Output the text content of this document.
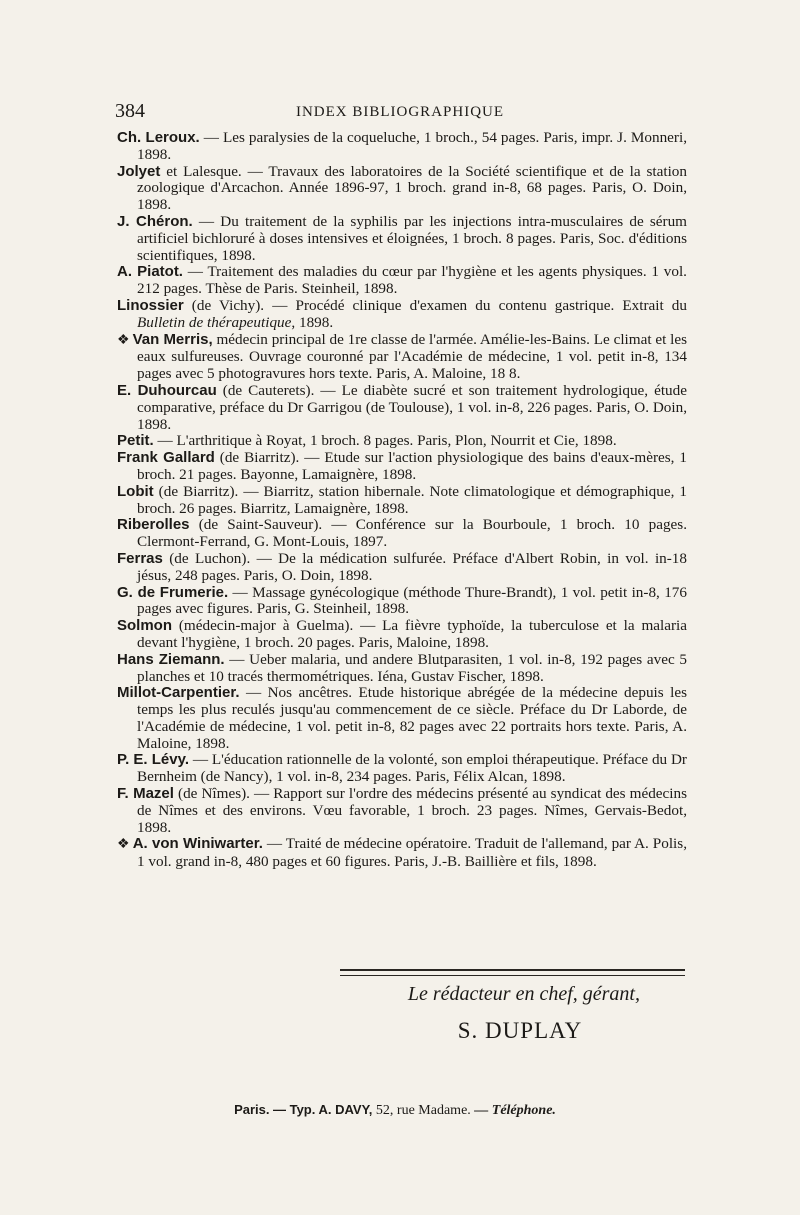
384	INDEX BIBLIOGRAPHIQUE

Ch. Leroux. — Les paralysies de la coqueluche, 1 broch., 54 pages. Paris, impr. J. Monneri, 1898.

Jolyet et Lalesque. — Travaux des laboratoires de la Société scientifique et de la station zoologique d'Arcachon. Année 1896-97, 1 broch. grand in-8, 68 pages. Paris, O. Doin, 1898.

J. Chéron. — Du traitement de la syphilis par les injections intra-musculaires de sérum artificiel bichloruré à doses intensives et éloignées, 1 broch. 8 pages. Paris, Soc. d'éditions scientifiques, 1898.

A. Piatot. — Traitement des maladies du cœur par l'hygiène et les agents physiques. 1 vol. 212 pages. Thèse de Paris. Steinheil, 1898.

Linossier (de Vichy). — Procédé clinique d'examen du contenu gastrique. Extrait du Bulletin de thérapeutique, 1898.

❖ Van Merris, médecin principal de 1re classe de l'armée. Amélie-les-Bains. Le climat et les eaux sulfureuses. Ouvrage couronné par l'Académie de médecine, 1 vol. petit in-8, 134 pages avec 5 photogravures hors texte. Paris, A. Maloine, 18 8.

E. Duhourcau (de Cauterets). — Le diabète sucré et son traitement hydrologique, étude comparative, préface du Dr Garrigou (de Toulouse), 1 vol. in-8, 226 pages. Paris, O. Doin, 1898.

Petit. — L'arthritique à Royat, 1 broch. 8 pages. Paris, Plon, Nourrit et Cie, 1898.

Frank Gallard (de Biarritz). — Etude sur l'action physiologique des bains d'eaux-mères, 1 broch. 21 pages. Bayonne, Lamaignère, 1898.

Lobit (de Biarritz). — Biarritz, station hibernale. Note climatologique et démographique, 1 broch. 26 pages. Biarritz, Lamaignère, 1898.

Riberolles (de Saint-Sauveur). — Conférence sur la Bourboule, 1 broch. 10 pages. Clermont-Ferrand, G. Mont-Louis, 1897.

Ferras (de Luchon). — De la médication sulfurée. Préface d'Albert Robin, in vol. in-18 jésus, 248 pages. Paris, O. Doin, 1898.

G. de Frumerie. — Massage gynécologique (méthode Thure-Brandt), 1 vol. petit in-8, 176 pages avec figures. Paris, G. Steinheil, 1898.

Solmon (médecin-major à Guelma). — La fièvre typhoïde, la tuberculose et la malaria devant l'hygiène, 1 broch. 20 pages. Paris, Maloine, 1898.

Hans Ziemann. — Ueber malaria, und andere Blutparasiten, 1 vol. in-8, 192 pages avec 5 planches et 10 tracés thermométriques. Iéna, Gustav Fischer, 1898.

Millot-Carpentier. — Nos ancêtres. Etude historique abrégée de la médecine depuis les temps les plus reculés jusqu'au commencement de ce siècle. Préface du Dr Laborde, de l'Académie de médecine, 1 vol. petit in-8, 82 pages avec 22 portraits hors texte. Paris, A. Maloine, 1898.

P. E. Lévy. — L'éducation rationnelle de la volonté, son emploi thérapeutique. Préface du Dr Bernheim (de Nancy), 1 vol. in-8, 234 pages. Paris, Félix Alcan, 1898.

F. Mazel (de Nîmes). — Rapport sur l'ordre des médecins présenté au syndicat des médecins de Nîmes et des environs. Vœu favorable, 1 broch. 23 pages. Nîmes, Gervais-Bedot, 1898.

❖ A. von Winiwarter. — Traité de médecine opératoire. Traduit de l'allemand, par A. Polis, 1 vol. grand in-8, 480 pages et 60 figures. Paris, J.-B. Baillière et fils, 1898.

Le rédacteur en chef, gérant,
S. DUPLAY
Paris. — Typ. A. DAVY, 52, rue Madame. — Téléphone.
